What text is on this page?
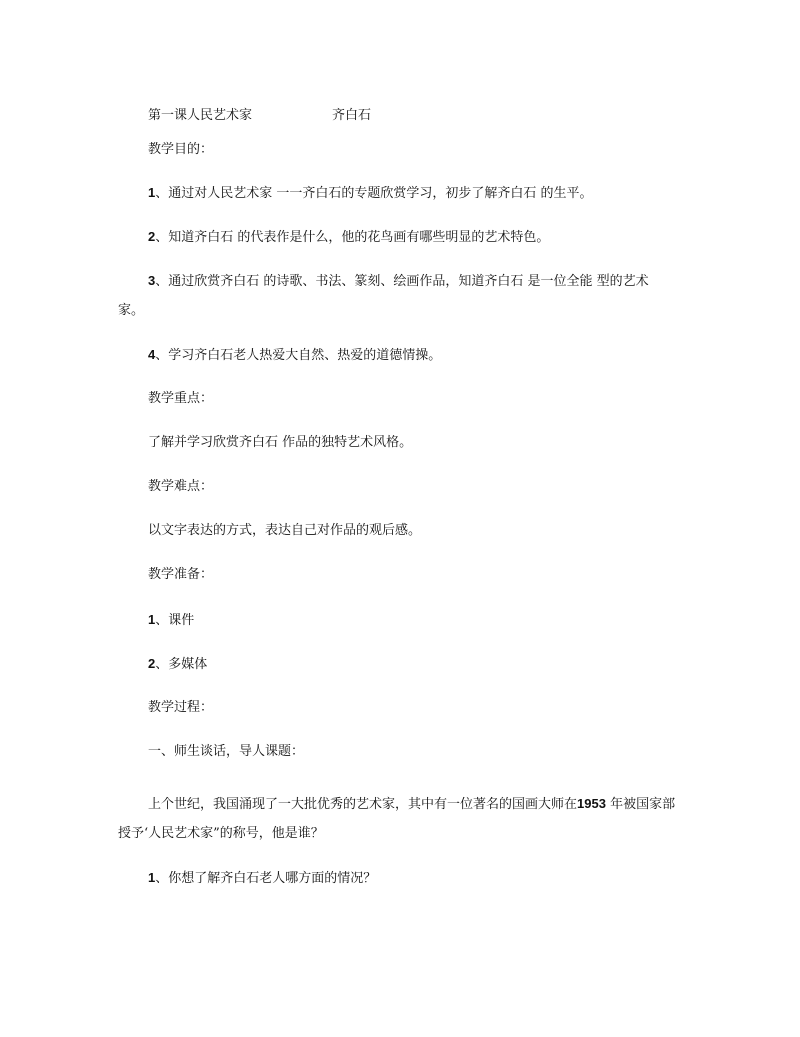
第一课人民艺术家	齐白石
教学目的：
1、通过对人民艺术家 一一齐白石的专题欣赏学习，初步了解齐白石 的生平。
2、知道齐白石 的代表作是什么，他的花鸟画有哪些明显的艺术特色。
3、通过欣赏齐白石 的诗歌、书法、篆刻、绘画作品，知道齐白石 是一位全能 型的艺术
家。
4、学习齐白石老人热爱大自然、热爱的道德情操。
教学重点：
了解并学习欣赏齐白石 作品的独特艺术风格。
教学难点：
以文字表达的方式，表达自己对作品的观后感。
教学准备：
1、课件
2、多媒体
教学过程：
一、师生谈话，导人课题：
上个世纪，我国涌现了一大批优秀的艺术家，其中有一位著名的国画大师在1953 年被国家部
授予‘人民艺术家”的称号，他是谁？
1、你想了解齐白石老人哪方面的情况？
